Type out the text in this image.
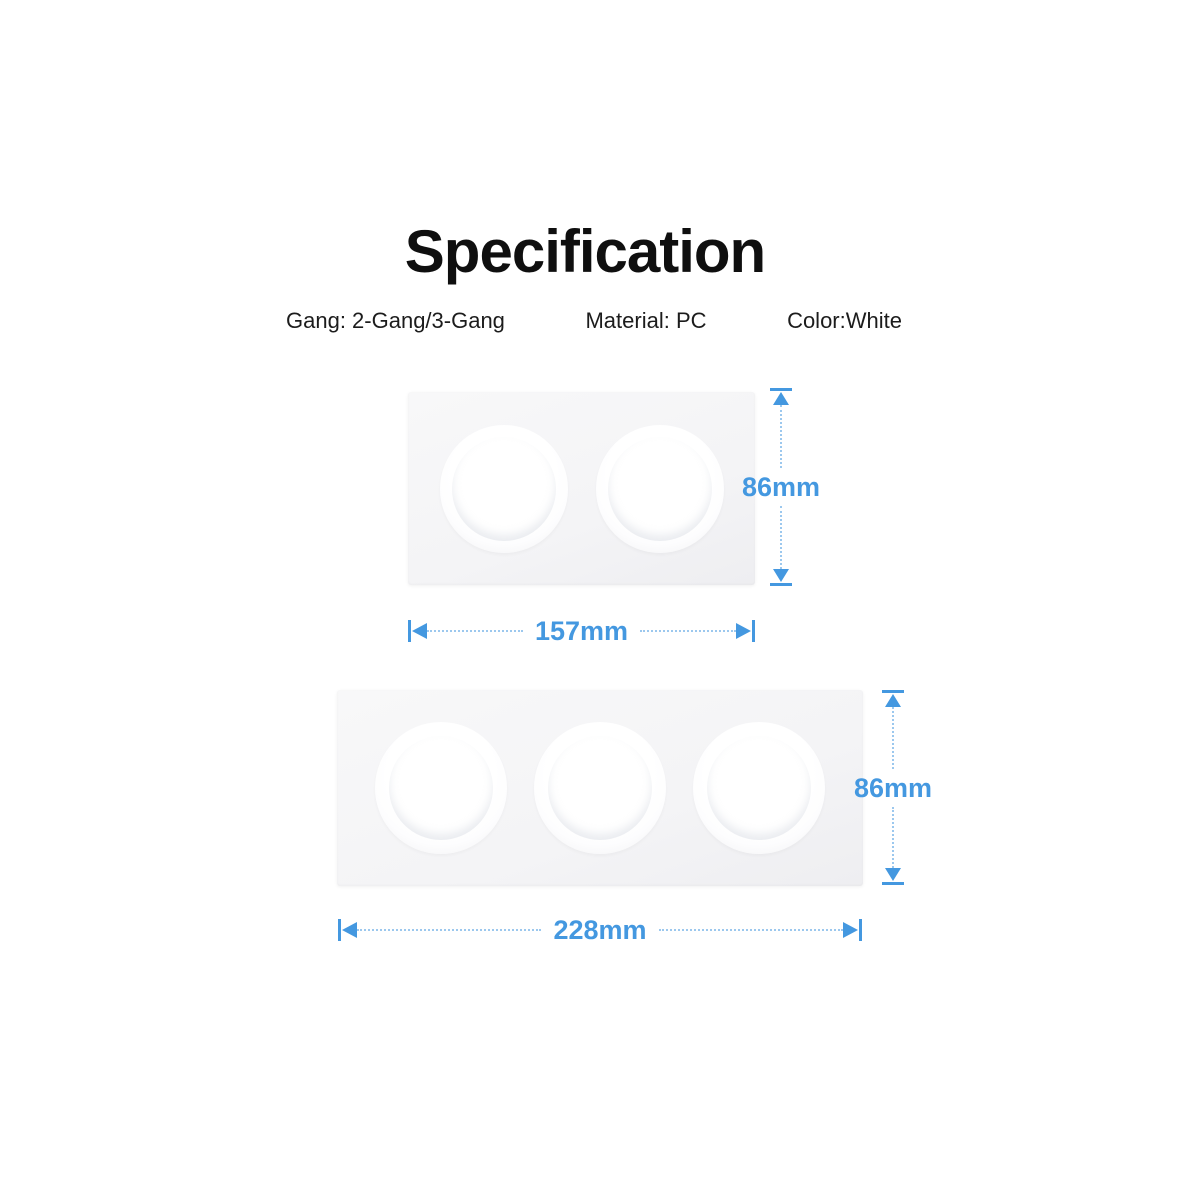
Specification
Gang: 2-Gang/3-Gang	Material: PC	Color:White
86mm
157mm
86mm
228mm
